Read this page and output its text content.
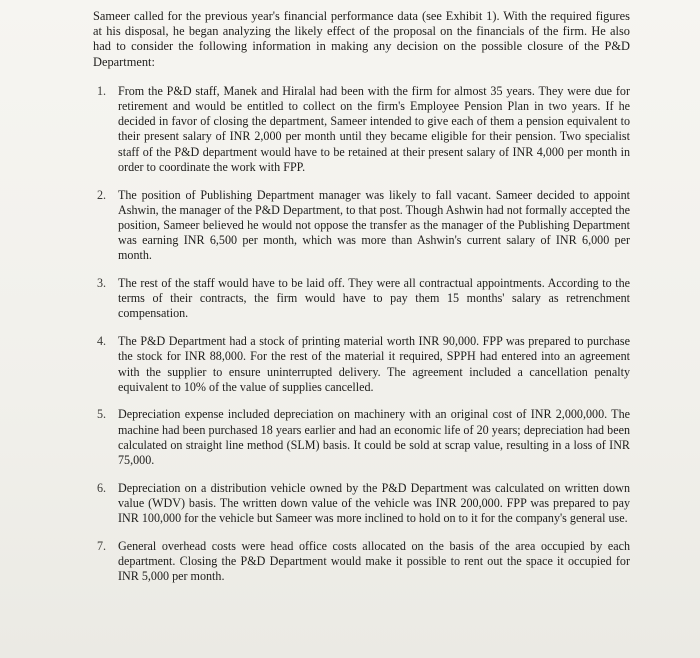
Sameer called for the previous year's financial performance data (see Exhibit 1). With the required figures at his disposal, he began analyzing the likely effect of the proposal on the financials of the firm. He also had to consider the following information in making any decision on the possible closure of the P&D Department:

1. From the P&D staff, Manek and Hiralal had been with the firm for almost 35 years. They were due for retirement and would be entitled to collect on the firm's Employee Pension Plan in two years. If he decided in favor of closing the department, Sameer intended to give each of them a pension equivalent to their present salary of INR 2,000 per month until they became eligible for their pension. Two specialist staff of the P&D department would have to be retained at their present salary of INR 4,000 per month in order to coordinate the work with FPP.
2. The position of Publishing Department manager was likely to fall vacant. Sameer decided to appoint Ashwin, the manager of the P&D Department, to that post. Though Ashwin had not formally accepted the position, Sameer believed he would not oppose the transfer as the manager of the Publishing Department was earning INR 6,500 per month, which was more than Ashwin's current salary of INR 6,000 per month.
3. The rest of the staff would have to be laid off. They were all contractual appointments. According to the terms of their contracts, the firm would have to pay them 15 months' salary as retrenchment compensation.
4. The P&D Department had a stock of printing material worth INR 90,000. FPP was prepared to purchase the stock for INR 88,000. For the rest of the material it required, SPPH had entered into an agreement with the supplier to ensure uninterrupted delivery. The agreement included a cancellation penalty equivalent to 10% of the value of supplies cancelled.
5. Depreciation expense included depreciation on machinery with an original cost of INR 2,000,000. The machine had been purchased 18 years earlier and had an economic life of 20 years; depreciation had been calculated on straight line method (SLM) basis. It could be sold at scrap value, resulting in a loss of INR 75,000.
6. Depreciation on a distribution vehicle owned by the P&D Department was calculated on written down value (WDV) basis. The written down value of the vehicle was INR 200,000. FPP was prepared to pay INR 100,000 for the vehicle but Sameer was more inclined to hold on to it for the company's general use.
7. General overhead costs were head office costs allocated on the basis of the area occupied by each department. Closing the P&D Department would make it possible to rent out the space it occupied for INR 5,000 per month.
